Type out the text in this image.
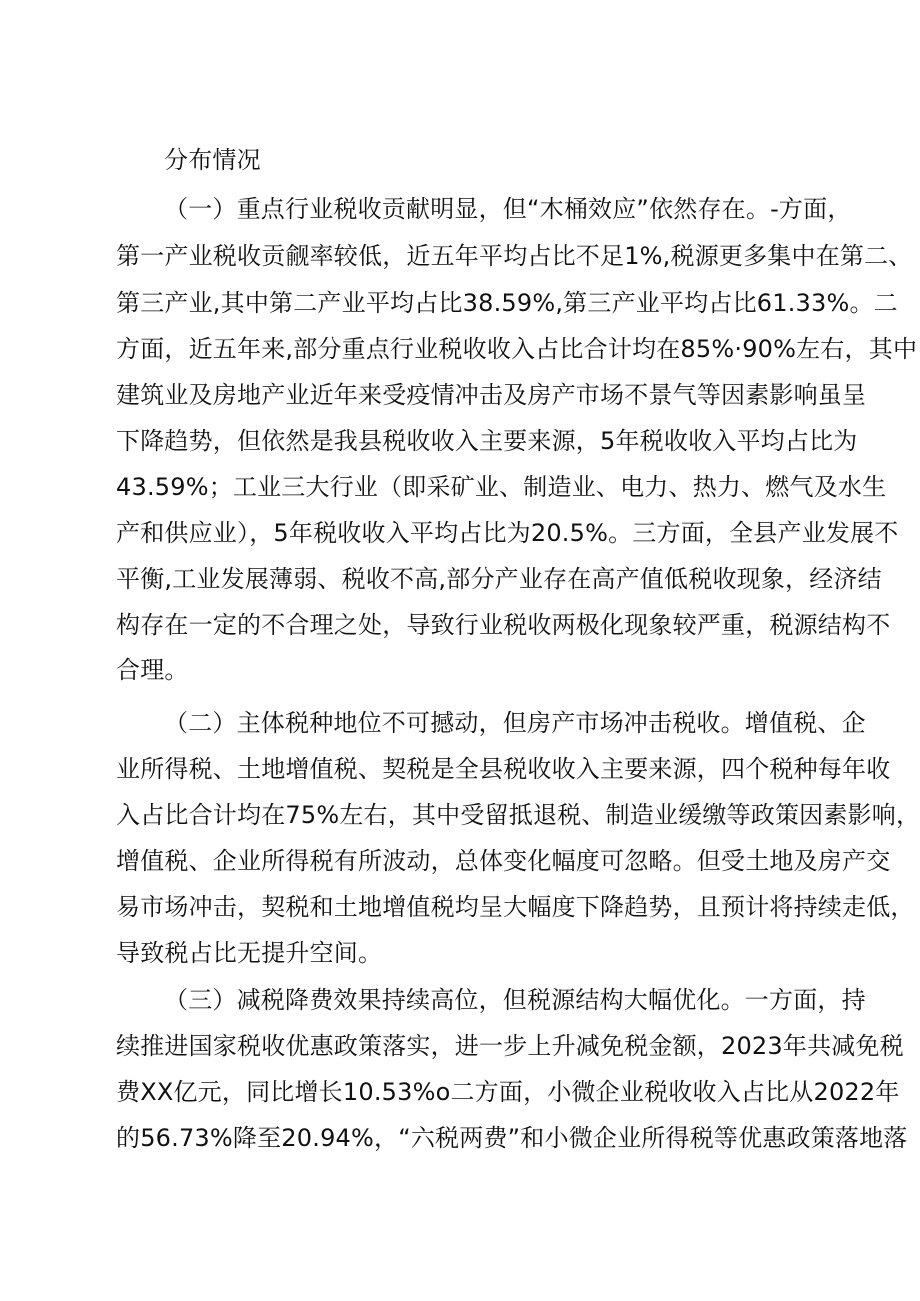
分布情况
（一）重点行业税收贡献明显，但“木桶效应”依然存在。-方面，
第一产业税收贡觎率较低，近五年平均占比不足1%,税源更多集中在第二、
第三产业,其中第二产业平均占比38.59%,第三产业平均占比61.33%。二
方面，近五年来,部分重点行业税收收入占比合计均在85%·90%左右，其中
建筑业及房地产业近年来受疫情冲击及房产市场不景气等因素影响虽呈
下降趋势，但依然是我县税收收入主要来源，5年税收收入平均占比为
43.59%；工业三大行业（即采矿业、制造业、电力、热力、燃气及水生
产和供应业），5年税收收入平均占比为20.5%。三方面，全县产业发展不
平衡,工业发展薄弱、税收不高,部分产业存在高产值低税收现象，经济结
构存在一定的不合理之处，导致行业税收两极化现象较严重，税源结构不
合理。
（二）主体税种地位不可撼动，但房产市场冲击税收。增值税、企
业所得税、土地增值税、契税是全县税收收入主要来源，四个税种每年收
入占比合计均在75%左右，其中受留抵退税、制造业缓缴等政策因素影响，
增值税、企业所得税有所波动，总体变化幅度可忽略。但受土地及房产交
易市场冲击，契税和土地增值税均呈大幅度下降趋势，且预计将持续走低，
导致税占比无提升空间。
（三）减税降费效果持续高位，但税源结构大幅优化。一方面，持
续推进国家税收优惠政策落实，进一步上升减免税金额，2023年共减免税
费XX亿元，同比增长10.53%o二方面，小微企业税收收入占比从2022年
的56.73%降至20.94%，“六税两费”和小微企业所得税等优惠政策落地落
